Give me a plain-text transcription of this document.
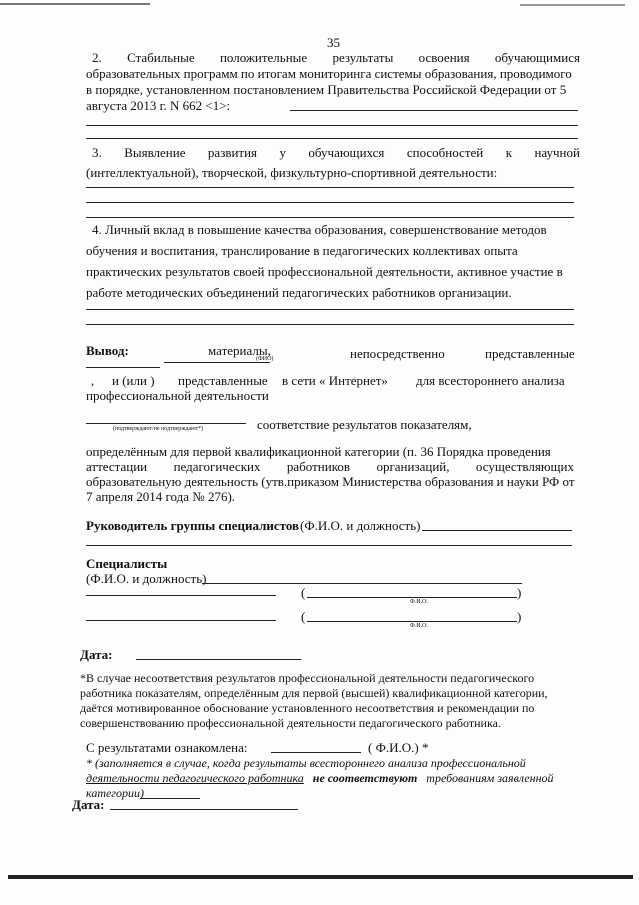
35
2. Стабильные положительные результаты освоения обучающимися
образовательных программ по итогам мониторинга системы образования, проводимого
в порядке, установленном постановлением Правительства Российской Федерации от 5
августа 2013 г. N 662 <1>:
3. Выявление развития у обучающихся способностей к научной
(интеллектуальной), творческой, физкультурно-спортивной деятельности:
4. Личный вклад в повышение качества образования, совершенствование методов
обучения и воспитания, транслирование в педагогических коллективах опыта
практических результатов своей профессиональной деятельности, активное участие в
работе методических объединений педагогических работников организации.
Вывод:	материалы,
(ФИО)	непосредственно	представленные
, и (или ) представленные в сети « Интернет» для всестороннего анализа
профессиональной деятельности
(подтверждают/не подтверждают*)	соответствие результатов показателям,
определённым для первой квалификационной категории (п. 36 Порядка проведения
аттестации педагогических работников организаций, осуществляющих
образовательную деятельность (утв.приказом Министерства образования и науки РФ от
7 апреля 2014 года № 276).
Руководитель группы специалистов (Ф.И.О. и должность)
Специалисты
(Ф.И.О. и должность)
(	)
Ф.И.О.
(	)
Ф.И.О.
Дата:
*В случае несоответствия результатов профессиональной деятельности педагогического
работника показателям, определённым для первой (высшей) квалификационной категории,
даётся мотивированное обоснование установленного несоответствия и рекомендации по
совершенствованию профессиональной деятельности педагогического работника.
С результатами ознакомлена:	( Ф.И.О.) *
* (заполняется в случае, когда результаты всестороннего анализа профессиональной
деятельности педагогического работника не соответствуют требованиям заявленной
категории)
Дата:
